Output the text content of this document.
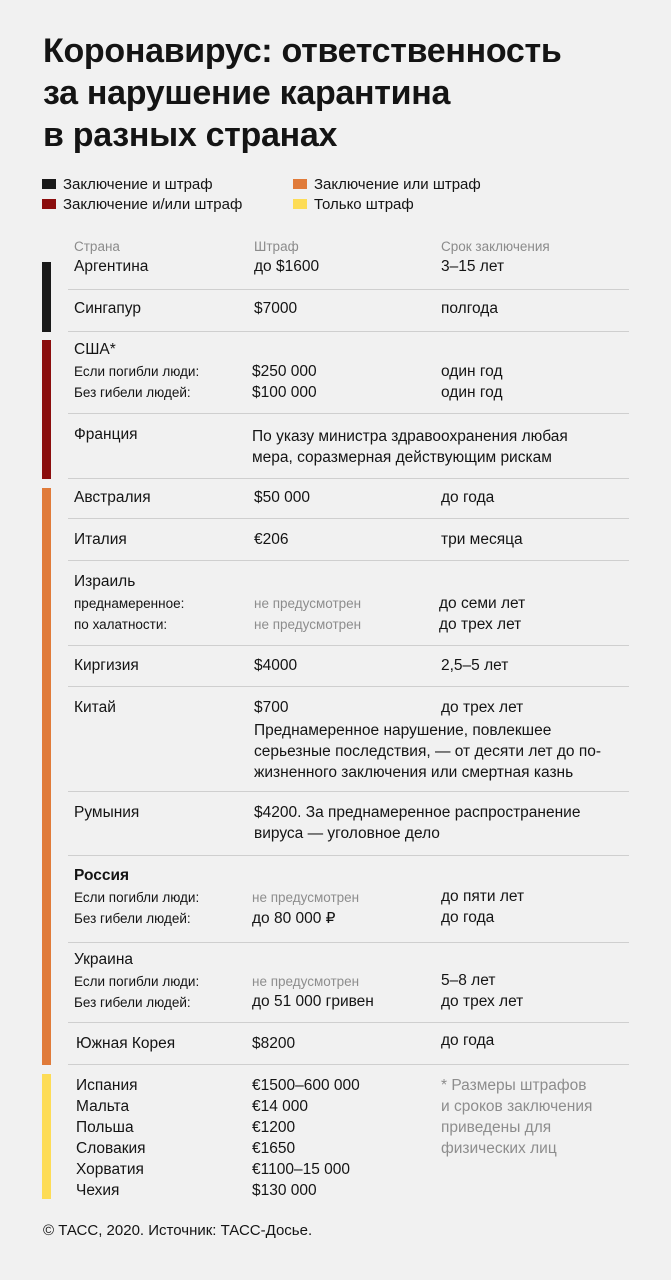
Коронавирус: ответственность
за нарушение карантина
в разных странах
Заключение и штраф
Заключение и/или штраф
Заключение или штраф
Только штраф
Страна	Штраф	Срок заключения
Аргентина	до $1600	3–15 лет
Сингапур	$7000	полгода
США*
Если погибли люди:	$250 000	один год
Без гибели людей:	$100 000	один год
Франция	По указу министра здравоохранения любая мера, соразмерная действующим рискам
Австралия	$50 000	до года
Италия	€206	три месяца
Израиль
преднамеренное:	не предусмотрен	до семи лет
по халатности:	не предусмотрен	до трех лет
Киргизия	$4000	2,5–5 лет
Китай	$700	до трех лет
Преднамеренное нарушение, повлекшее
серьезные последствия, — от десяти лет до по-
жизненного заключения или смертная казнь
Румыния	$4200. За преднамеренное распространение
вируса — уголовное дело
Россия
Если погибли люди:	не предусмотрен	до пяти лет
Без гибели людей:	до 80 000 ₽	до года
Украина
Если погибли люди:	не предусмотрен	5–8 лет
Без гибели людей:	до 51 000 гривен	до трех лет
Южная Корея	$8200	до года
Испания	€1500–600 000
Мальта	€14 000
Польша	€1200
Словакия	€1650
Хорватия	€1100–15 000
Чехия	$130 000
* Размеры штрафов
и сроков заключения
приведены для
физических лиц
© ТАСС, 2020. Источник: ТАСС-Досье.
